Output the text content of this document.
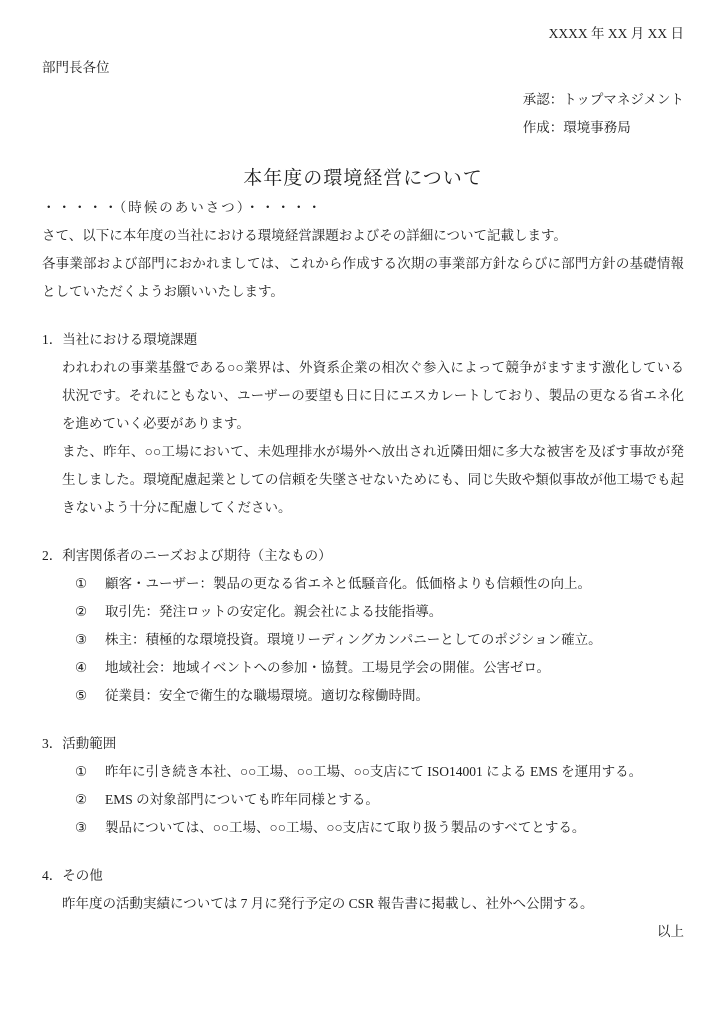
XXXX 年 XX 月 XX 日
部門長各位
承認：トップマネジメント
作成：環境事務局
本年度の環境経営について

・・・・・（時候のあいさつ）・・・・・

さて、以下に本年度の当社における環境経営課題およびその詳細について記載します。

各事業部および部門におかれましては、これから作成する次期の事業部方針ならびに部門方針の基礎情報としていただくようお願いいたします。

1．当社における環境課題

われわれの事業基盤である○○業界は、外資系企業の相次ぐ参入によって競争がますます激化している状況です。それにともない、ユーザーの要望も日に日にエスカレートしており、製品の更なる省エネ化を進めていく必要があります。

また、昨年、○○工場において、未処理排水が場外へ放出され近隣田畑に多大な被害を及ぼす事故が発生しました。環境配慮起業としての信頼を失墜させないためにも、同じ失敗や類似事故が他工場でも起きないよう十分に配慮してください。

2．利害関係者のニーズおよび期待（主なもの）
①	顧客・ユーザー：製品の更なる省エネと低騒音化。低価格よりも信頼性の向上。
②	取引先：発注ロットの安定化。親会社による技能指導。
③	株主：積極的な環境投資。環境リーディングカンパニーとしてのポジション確立。
④	地域社会：地域イベントへの参加・協賛。工場見学会の開催。公害ゼロ。
⑤	従業員：安全で衛生的な職場環境。適切な稼働時間。
3．活動範囲
①	昨年に引き続き本社、○○工場、○○工場、○○支店にて ISO14001 による EMS を運用する。
②	EMS の対象部門についても昨年同様とする。
③	製品については、○○工場、○○工場、○○支店にて取り扱う製品のすべてとする。
4．その他

昨年度の活動実績については 7 月に発行予定の CSR 報告書に掲載し、社外へ公開する。

以上
